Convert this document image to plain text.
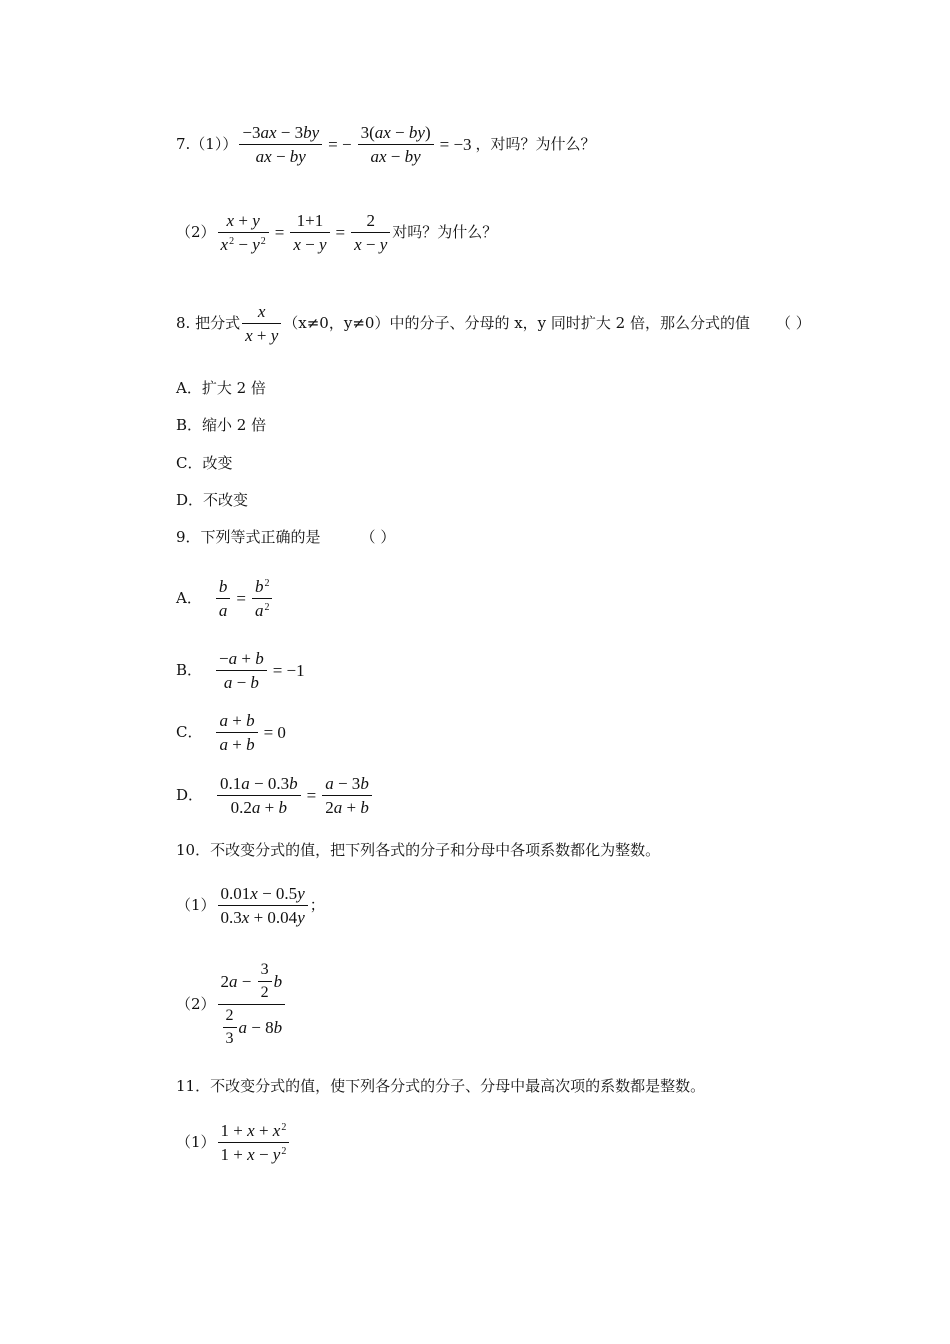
$7.(1)) \frac{-3ax - 3by}{ax - by}$ = − $\frac{3(ax - by)}{ax - by} = -3$ ，对吗？为什么？
$(2) \frac{x + y}{x^2 - y^2} = \frac{1+1}{x - y} = \frac{2}{x - y}$ 对吗？为什么？
8. 把分式 $\frac{x}{x + y} (x\ne 0$，y≠0）中的分子、分母的 x，y 同时扩大 2 倍，那么分式的值 （ ）
A．扩大 2 倍
B．缩小 2 倍
C．改变
D．不改变
9．下列等式正确的是	（ ）
A． $\frac{b}{a} = \frac{b^2}{a^2}$
B． $\frac{-a + b}{a - b} = -1$
C． $\frac{a + b}{a + b} = 0$
D． $\frac{0.1a - 0.3b}{0.2a + b} = \frac{a - 3b}{2a + b}$
10．不改变分式的值，把下列各式的分子和分母中各项系数都化为整数。
$(1) \frac{0.01x - 0.5y}{0.3x + 0.04y}$ ；
$(2) \frac{2 a - \frac{3}{2} b}{\frac{2}{3} a - 8 b}$
11．不改变分式的值，使下列各分式的分子、分母中最高次项的系数都是整数。
$(1) \frac{1 + x + x^2}{1 + x - y^2}$
